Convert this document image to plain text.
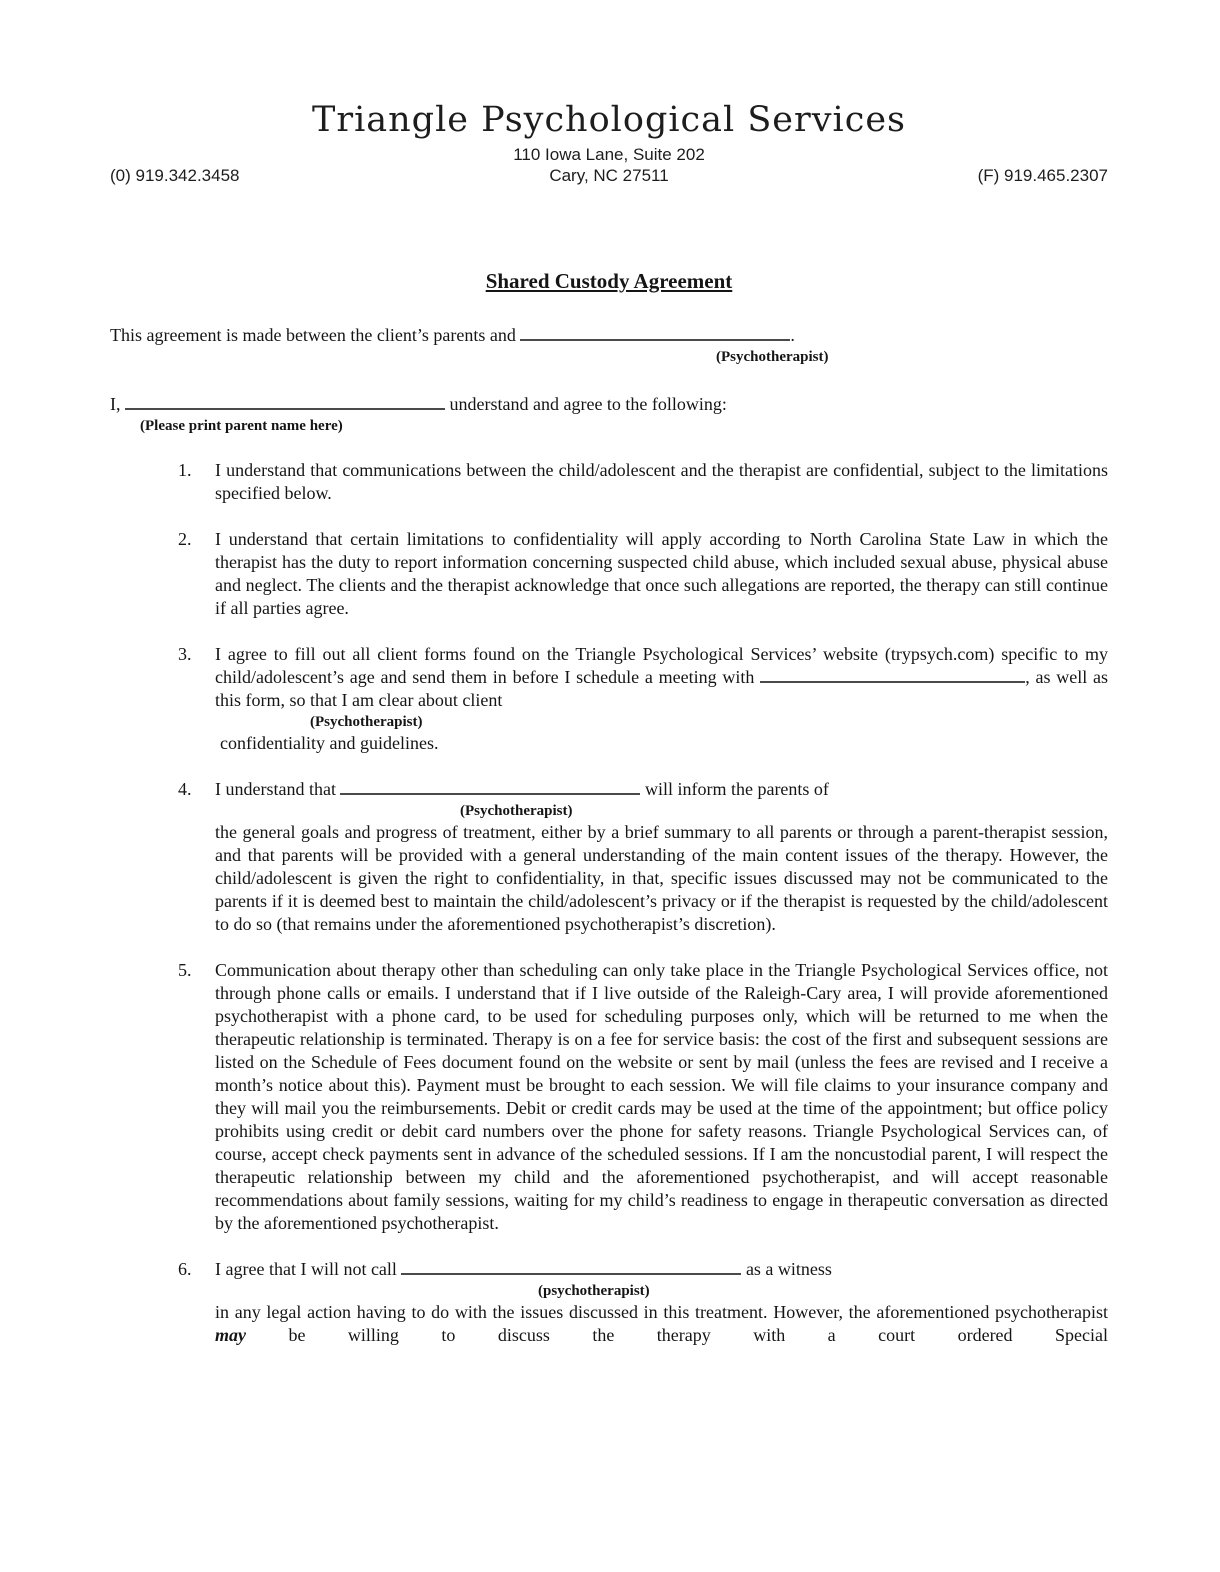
Triangle Psychological Services
(0) 919.342.3458
110 Iowa Lane, Suite 202
Cary, NC 27511	(F) 919.465.2307
Shared Custody Agreement
This agreement is made between the client’s parents and	.
(Psychotherapist)
I,	understand and agree to the following:
(Please print parent name here)
1.	I understand that communications between the child/adolescent and the therapist are confidential, subject to the limitations specified below.
2.	I understand that certain limitations to confidentiality will apply according to North Carolina State Law in which the therapist has the duty to report information concerning suspected child abuse, which included sexual abuse, physical abuse and neglect. The clients and the therapist acknowledge that once such allegations are reported, the therapy can still continue if all parties agree.
3.	I agree to fill out all client forms found on the Triangle Psychological Services’ website (trypsych.com) specific to my child/adolescent’s age and send them in before I schedule a meeting with	, as well as this form, so that I am clear about client
(Psychotherapist)
confidentiality and guidelines.
4.	I understand that	will inform the parents of
(Psychotherapist)
the general goals and progress of treatment, either by a brief summary to all parents or through a parent-therapist session, and that parents will be provided with a general understanding of the main content issues of the therapy. However, the child/adolescent is given the right to confidentiality, in that, specific issues discussed may not be communicated to the parents if it is deemed best to maintain the child/adolescent’s privacy or if the therapist is requested by the child/adolescent to do so (that remains under the aforementioned psychotherapist’s discretion).
5.	Communication about therapy other than scheduling can only take place in the Triangle Psychological Services office, not through phone calls or emails. I understand that if I live outside of the Raleigh-Cary area, I will provide aforementioned psychotherapist with a phone card, to be used for scheduling purposes only, which will be returned to me when the therapeutic relationship is terminated. Therapy is on a fee for service basis: the cost of the first and subsequent sessions are listed on the Schedule of Fees document found on the website or sent by mail (unless the fees are revised and I receive a month’s notice about this). Payment must be brought to each session. We will file claims to your insurance company and they will mail you the reimbursements. Debit or credit cards may be used at the time of the appointment; but office policy prohibits using credit or debit card numbers over the phone for safety reasons. Triangle Psychological Services can, of course, accept check payments sent in advance of the scheduled sessions. If I am the noncustodial parent, I will respect the therapeutic relationship between my child and the aforementioned psychotherapist, and will accept reasonable recommendations about family sessions, waiting for my child’s readiness to engage in therapeutic conversation as directed by the aforementioned psychotherapist.
6.	I agree that I will not call	as a witness
(psychotherapist)
in any legal action having to do with the issues discussed in this treatment. However, the aforementioned psychotherapist may be willing to discuss the therapy with a court ordered Special
